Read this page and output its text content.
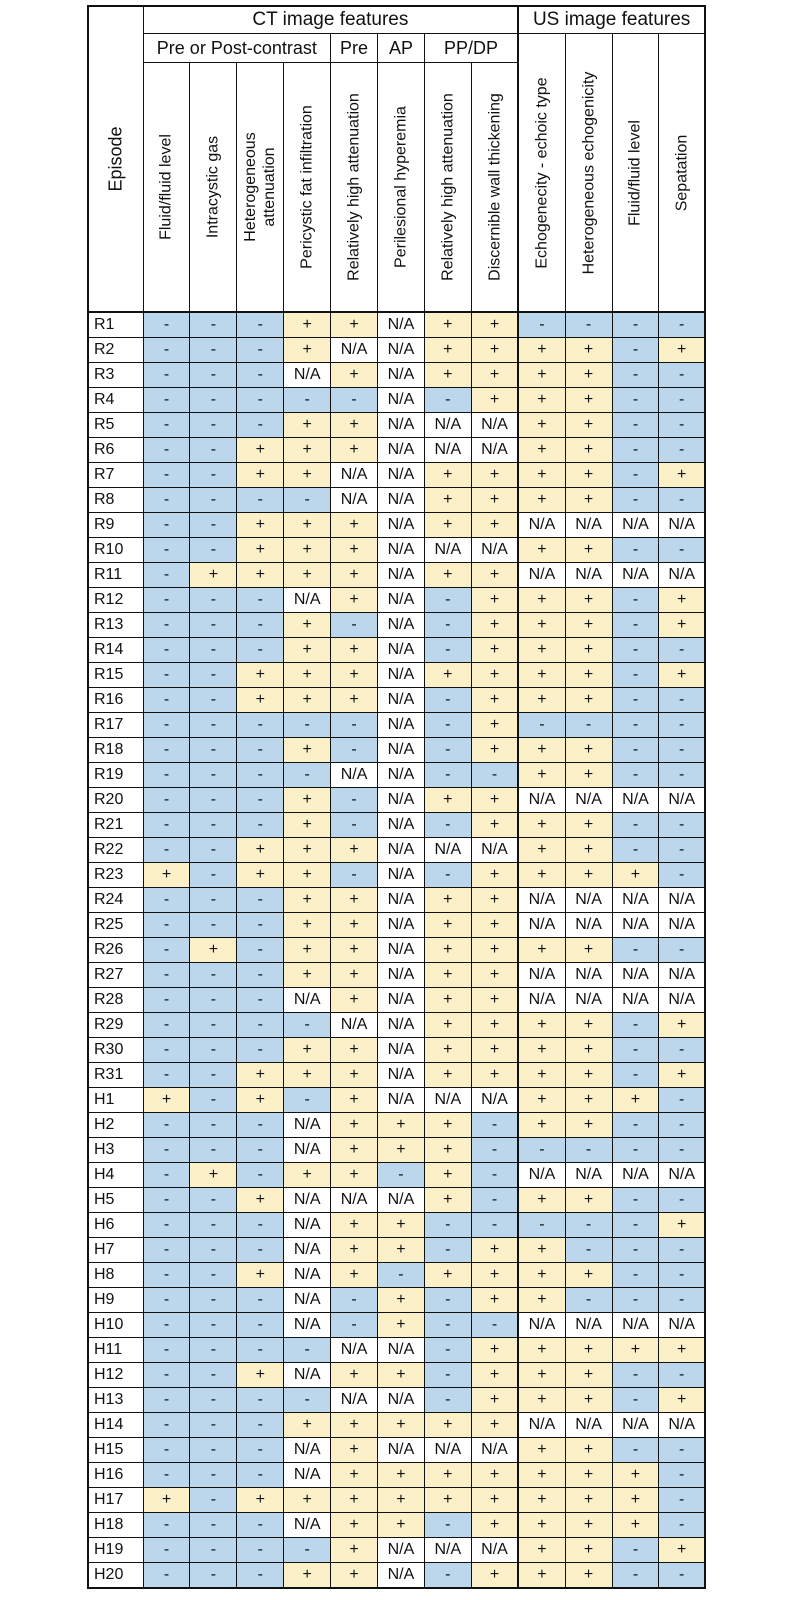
Episode	CT image features								US image features			
	Pre or Post-contrast				Pre	AP	PP/DP		Echogenecity - echoic type	Heterogeneous echogenicity	Fluid/fluid level	Sepatation

	Fluid/fluid level	Intracystic gas	Heterogeneous attenuation	Pericystic fat infiltration	Relatively high attenuation	Perilesional hyperemia	Relatively high attenuation	Discernible wall thickening				

R1	-	-	-	+	+	N/A	+	+	-	-	-	-
R2	-	-	-	+	N/A	N/A	+	+	+	+	-	+
R3	-	-	-	N/A	+	N/A	+	+	+	+	-	-
R4	-	-	-	-	-	N/A	-	+	+	+	-	-
R5	-	-	-	+	+	N/A	N/A	N/A	+	+	-	-
R6	-	-	+	+	+	N/A	N/A	N/A	+	+	-	-
R7	-	-	+	+	N/A	N/A	+	+	+	+	-	+
R8	-	-	-	-	N/A	N/A	+	+	+	+	-	-
R9	-	-	+	+	+	N/A	+	+	N/A	N/A	N/A	N/A
R10	-	-	+	+	+	N/A	N/A	N/A	+	+	-	-
R11	-	+	+	+	+	N/A	+	+	N/A	N/A	N/A	N/A
R12	-	-	-	N/A	+	N/A	-	+	+	+	-	+
R13	-	-	-	+	-	N/A	-	+	+	+	-	+
R14	-	-	-	+	+	N/A	-	+	+	+	-	-
R15	-	-	+	+	+	N/A	+	+	+	+	-	+
R16	-	-	+	+	+	N/A	-	+	+	+	-	-
R17	-	-	-	-	-	N/A	-	+	-	-	-	-
R18	-	-	-	+	-	N/A	-	+	+	+	-	-
R19	-	-	-	-	N/A	N/A	-	-	+	+	-	-
R20	-	-	-	+	-	N/A	+	+	N/A	N/A	N/A	N/A
R21	-	-	-	+	-	N/A	-	+	+	+	-	-
R22	-	-	+	+	+	N/A	N/A	N/A	+	+	-	-
R23	+	-	+	+	-	N/A	-	+	+	+	+	-
R24	-	-	-	+	+	N/A	+	+	N/A	N/A	N/A	N/A
R25	-	-	-	+	+	N/A	+	+	N/A	N/A	N/A	N/A
R26	-	+	-	+	+	N/A	+	+	+	+	-	-
R27	-	-	-	+	+	N/A	+	+	N/A	N/A	N/A	N/A
R28	-	-	-	N/A	+	N/A	+	+	N/A	N/A	N/A	N/A
R29	-	-	-	-	N/A	N/A	+	+	+	+	-	+
R30	-	-	-	+	+	N/A	+	+	+	+	-	-
R31	-	-	+	+	+	N/A	+	+	+	+	-	+
H1	+	-	+	-	+	N/A	N/A	N/A	+	+	+	-
H2	-	-	-	N/A	+	+	+	-	+	+	-	-
H3	-	-	-	N/A	+	+	+	-	-	-	-	-
H4	-	+	-	+	+	-	+	-	N/A	N/A	N/A	N/A
H5	-	-	+	N/A	N/A	N/A	+	-	+	+	-	-
H6	-	-	-	N/A	+	+	-	-	-	-	-	+
H7	-	-	-	N/A	+	+	-	+	+	-	-	-
H8	-	-	+	N/A	+	-	+	+	+	+	-	-
H9	-	-	-	N/A	-	+	-	+	+	-	-	-
H10	-	-	-	N/A	-	+	-	-	N/A	N/A	N/A	N/A
H11	-	-	-	-	N/A	N/A	-	+	+	+	+	+
H12	-	-	+	N/A	+	+	-	+	+	+	-	-
H13	-	-	-	-	N/A	N/A	-	+	+	+	-	+
H14	-	-	-	+	+	+	+	+	N/A	N/A	N/A	N/A
H15	-	-	-	N/A	+	N/A	N/A	N/A	+	+	-	-
H16	-	-	-	N/A	+	+	+	+	+	+	+	-
H17	+	-	+	+	+	+	+	+	+	+	+	-
H18	-	-	-	N/A	+	+	-	+	+	+	+	-
H19	-	-	-	-	+	N/A	N/A	N/A	+	+	-	+
H20	-	-	-	+	+	N/A	-	+	+	+	-	-
